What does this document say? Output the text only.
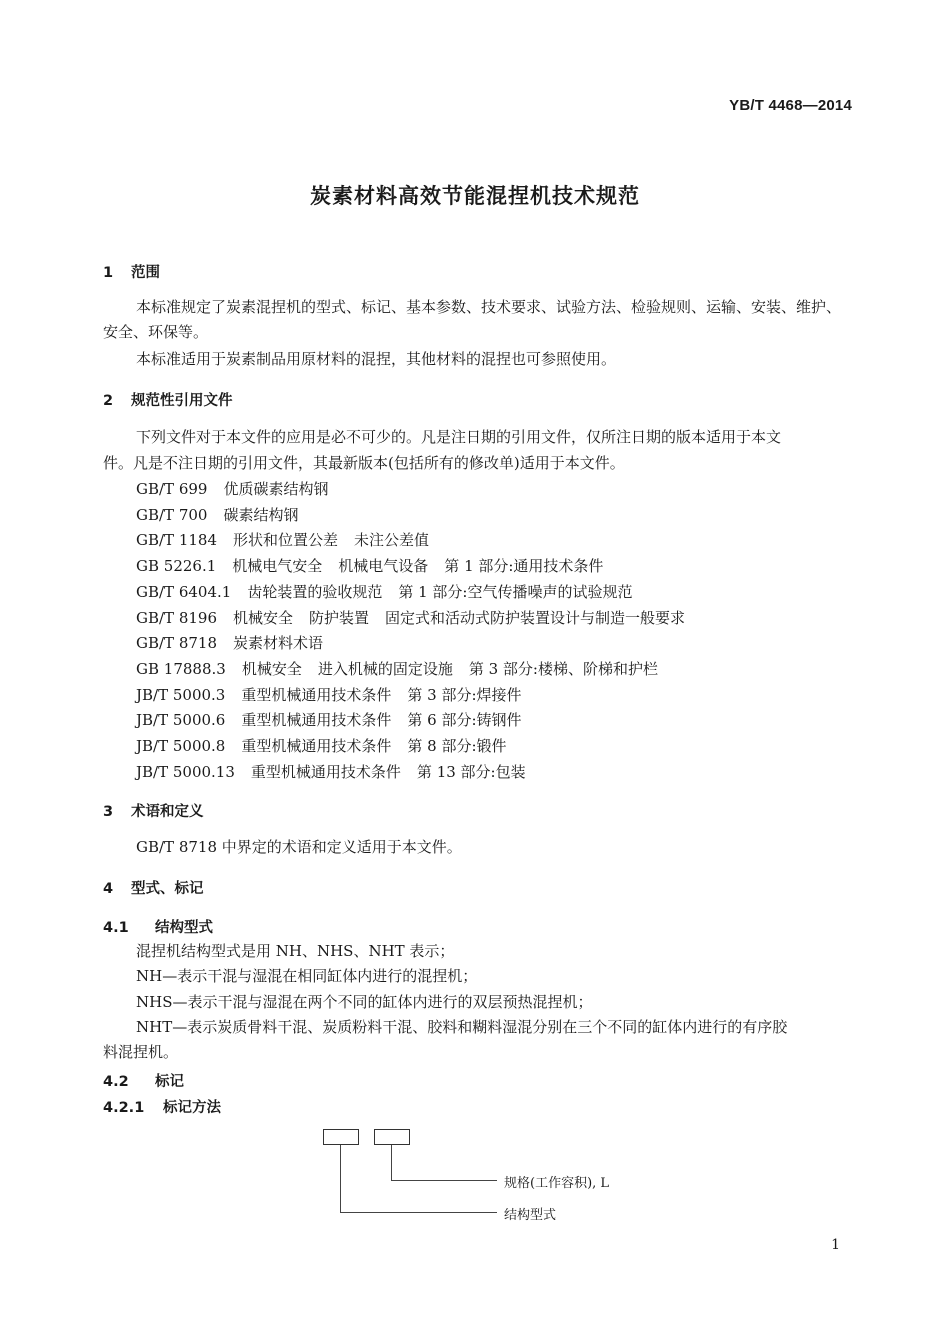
YB/T 4468—2014
炭素材料高效节能混捏机技术规范
1 范围
本标准规定了炭素混捏机的型式、标记、基本参数、技术要求、试验方法、检验规则、运输、安装、维护、
安全、环保等。
本标准适用于炭素制品用原材料的混捏，其他材料的混捏也可参照使用。
2 规范性引用文件
下列文件对于本文件的应用是必不可少的。凡是注日期的引用文件，仅所注日期的版本适用于本文
件。凡是不注日期的引用文件，其最新版本(包括所有的修改单)适用于本文件。
GB/T 699 优质碳素结构钢
GB/T 700 碳素结构钢
GB/T 1184 形状和位置公差 未注公差值
GB 5226.1 机械电气安全 机械电气设备 第 1 部分:通用技术条件
GB/T 6404.1 齿轮装置的验收规范 第 1 部分:空气传播噪声的试验规范
GB/T 8196 机械安全 防护装置 固定式和活动式防护装置设计与制造一般要求
GB/T 8718 炭素材料术语
GB 17888.3 机械安全 进入机械的固定设施 第 3 部分:楼梯、阶梯和护栏
JB/T 5000.3 重型机械通用技术条件 第 3 部分:焊接件
JB/T 5000.6 重型机械通用技术条件 第 6 部分:铸钢件
JB/T 5000.8 重型机械通用技术条件 第 8 部分:锻件
JB/T 5000.13 重型机械通用技术条件 第 13 部分:包装
3 术语和定义
GB/T 8718 中界定的术语和定义适用于本文件。
4 型式、标记
4.1 结构型式
混捏机结构型式是用 NH、NHS、NHT 表示；
NH—表示干混与湿混在相同缸体内进行的混捏机；
NHS—表示干混与湿混在两个不同的缸体内进行的双层预热混捏机；
NHT—表示炭质骨料干混、炭质粉料干混、胶料和糊料湿混分别在三个不同的缸体内进行的有序胶
料混捏机。
4.2 标记
4.2.1 标记方法
规格(工作容积), L
结构型式
1
